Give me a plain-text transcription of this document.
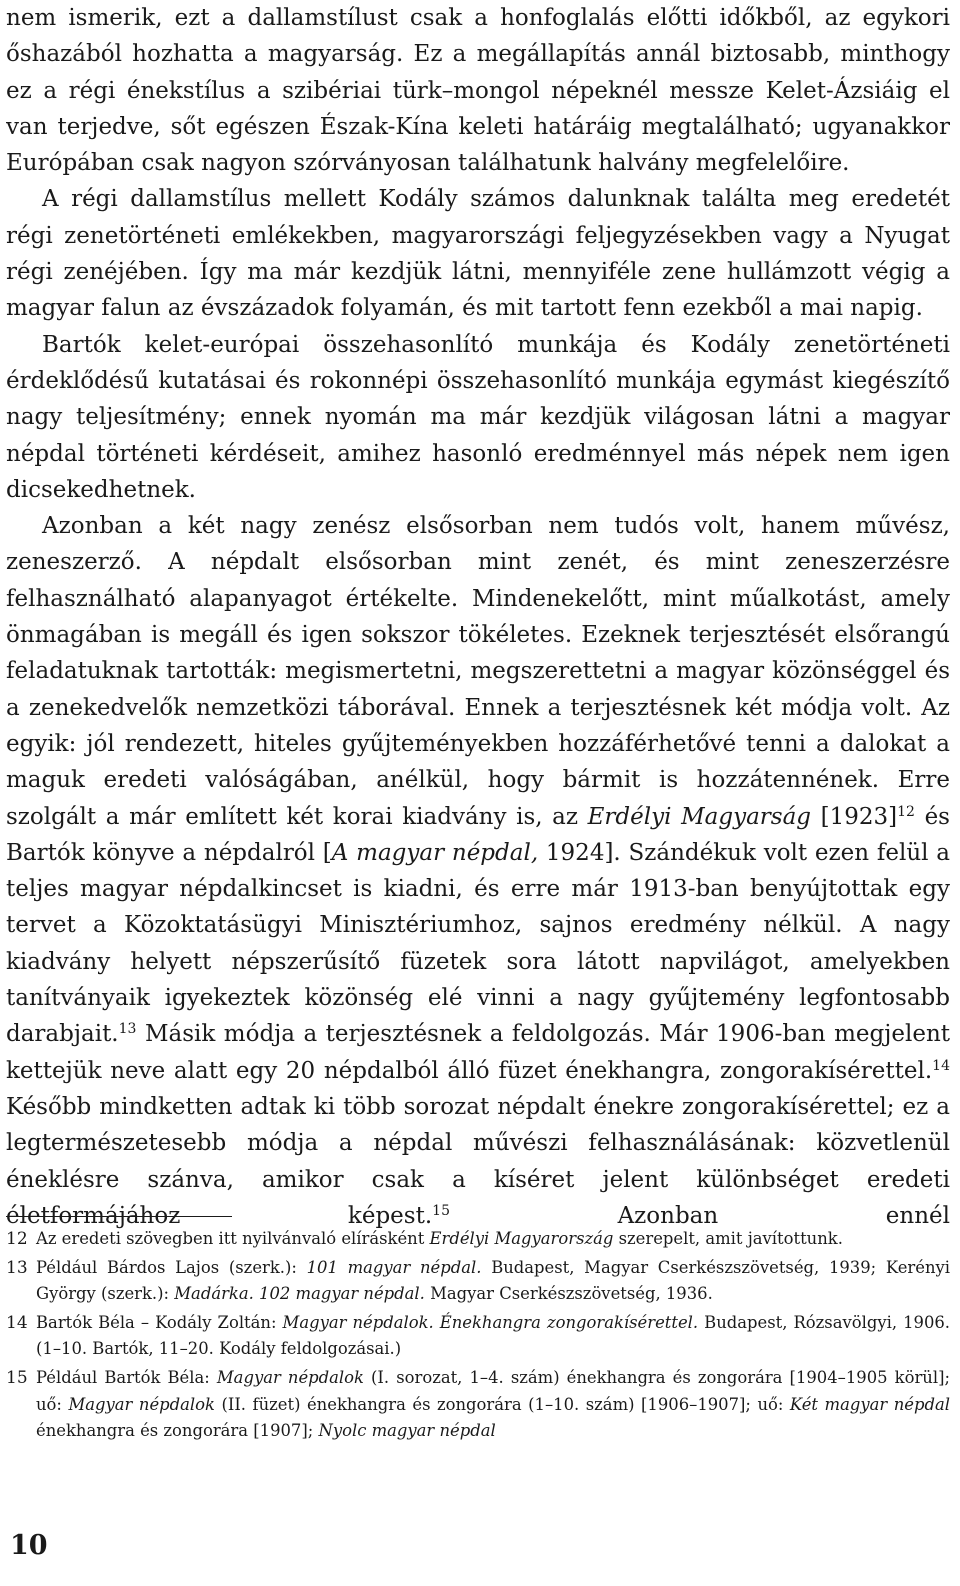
nem ismerik, ezt a dallamstílust csak a honfoglalás előtti időkből, az egykori őshazából hozhatta a magyarság. Ez a megállapítás annál biztosabb, minthogy ez a régi énekstílus a szibériai türk–mongol népeknél messze Kelet-Ázsiáig el van terjedve, sőt egészen Észak-Kína keleti határáig megtalálható; ugyanakkor Európában csak nagyon szórványosan találhatunk halvány megfelelőire.

A régi dallamstílus mellett Kodály számos dalunknak találta meg eredetét régi zenetörténeti emlékekben, magyarországi feljegyzésekben vagy a Nyugat régi zenéjében. Így ma már kezdjük látni, mennyiféle zene hullámzott végig a magyar falun az évszázadok folyamán, és mit tartott fenn ezekből a mai napig.

Bartók kelet-európai összehasonlító munkája és Kodály zenetörténeti érdeklődésű kutatásai és rokonnépi összehasonlító munkája egymást kiegészítő nagy teljesítmény; ennek nyomán ma már kezdjük világosan látni a magyar népdal történeti kérdéseit, amihez hasonló eredménnyel más népek nem igen dicsekedhetnek.

Azonban a két nagy zenész elsősorban nem tudós volt, hanem művész, zeneszerző. A népdalt elsősorban mint zenét, és mint zeneszerzésre felhasználható alapanyagot értékelte. Mindenekelőtt, mint műalkotást, amely önmagában is megáll és igen sokszor tökéletes. Ezeknek terjesztését elsőrangú feladatuknak tartották: megismertetni, megszerettetni a magyar közönséggel és a zenekedvelők nemzetközi táborával. Ennek a terjesztésnek két módja volt. Az egyik: jól rendezett, hiteles gyűjteményekben hozzáférhetővé tenni a dalokat a maguk eredeti valóságában, anélkül, hogy bármit is hozzátennének. Erre szolgált a már említett két korai kiadvány is, az Erdélyi Magyarság $[1923]^{12}$ és Bartók könyve a népdalról [A magyar népdal, 1924]. Szándékuk volt ezen felül a teljes magyar népdalkincset is kiadni, és erre már 1913-ban benyújtottak egy tervet a Közoktatásügyi Minisztériumhoz, sajnos eredmény nélkül. A nagy kiadvány helyett népszerűsítő füzetek sora látott napvilágot, amelyekben tanítványaik igyekeztek közönség elé vinni a nagy gyűjtemény legfontosabb darabjait.$^{13}$ Másik módja a terjesztésnek a feldolgozás. Már 1906-ban megjelent kettejük neve alatt egy 20 népdalból álló füzet énekhangra, zongorakísérettel.$^{14}$ Később mindketten adtak ki több sorozat népdalt énekre zongorakísérettel; ez a legtermészetesebb módja a népdal művészi felhasználásának: közvetlenül éneklésre szánva, amikor csak a kíséret jelent különbséget eredeti életformájához képest.$^{15}$ Azonban ennél

12 Az eredeti szövegben itt nyilvánvaló elírásként Erdélyi Magyarország szerepelt, amit javítottunk.
13 Például Bárdos Lajos (szerk.): 101 magyar népdal. Budapest, Magyar Cserkészszövetség, 1939; Kerényi György (szerk.): Madárka. 102 magyar népdal. Magyar Cserkészszövetség, 1936.
14 Bartók Béla – Kodály Zoltán: Magyar népdalok. Énekhangra zongorakísérettel. Budapest, Rózsavölgyi, 1906. (1–10. Bartók, 11–20. Kodály feldolgozásai.)
15 Például Bartók Béla: Magyar népdalok (I. sorozat, 1–4. szám) énekhangra és zongorára [1904–1905 körül]; uő: Magyar népdalok (II. füzet) énekhangra és zongorára (1–10. szám) [1906–1907]; uő: Két magyar népdal énekhangra és zongorára [1907]; Nyolc magyar népdal
10
